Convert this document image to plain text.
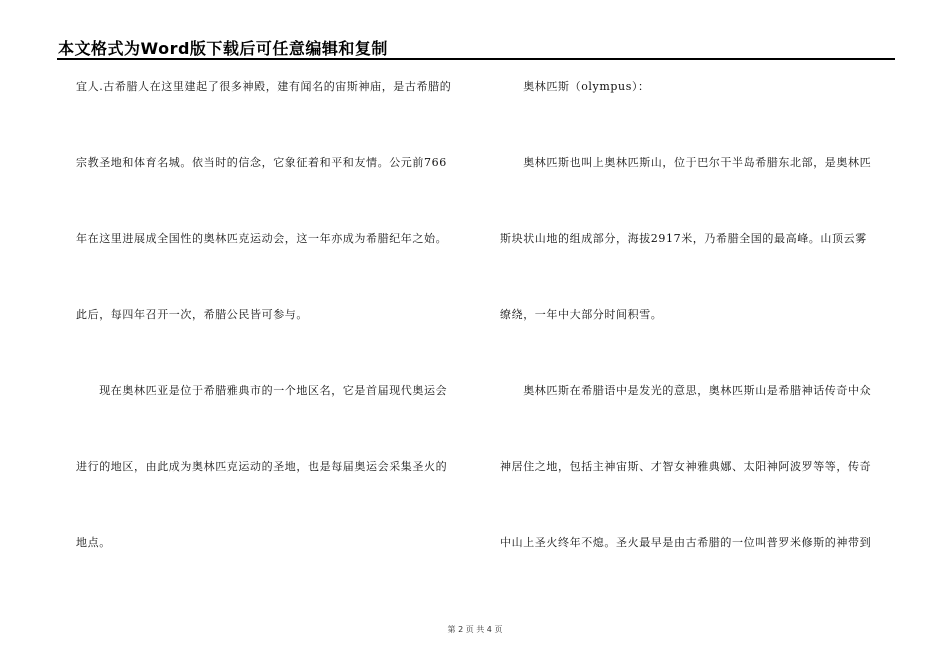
本文格式为Word版下载后可任意编辑和复制
宜人.古希腊人在这里建起了很多神殿，建有闻名的宙斯神庙，是古希腊的
宗教圣地和体育名城。依当时的信念，它象征着和平和友情。公元前766
年在这里进展成全国性的奥林匹克运动会，这一年亦成为希腊纪年之始。
此后，每四年召开一次，希腊公民皆可参与。
　　现在奥林匹亚是位于希腊雅典市的一个地区名，它是首届现代奥运会
进行的地区，由此成为奥林匹克运动的圣地，也是每届奥运会采集圣火的
地点。
　　奥林匹斯（olympus）：
　　奥林匹斯也叫上奥林匹斯山，位于巴尔干半岛希腊东北部，是奥林匹
斯块状山地的组成部分，海拔2917米，乃希腊全国的最高峰。山顶云雾
缭绕，一年中大部分时间积雪。
　　奥林匹斯在希腊语中是发光的意思，奥林匹斯山是希腊神话传奇中众
神居住之地，包括主神宙斯、才智女神雅典娜、太阳神阿波罗等等，传奇
中山上圣火终年不熄。圣火最早是由古希腊的一位叫普罗米修斯的神带到
第 2 页 共 4 页
